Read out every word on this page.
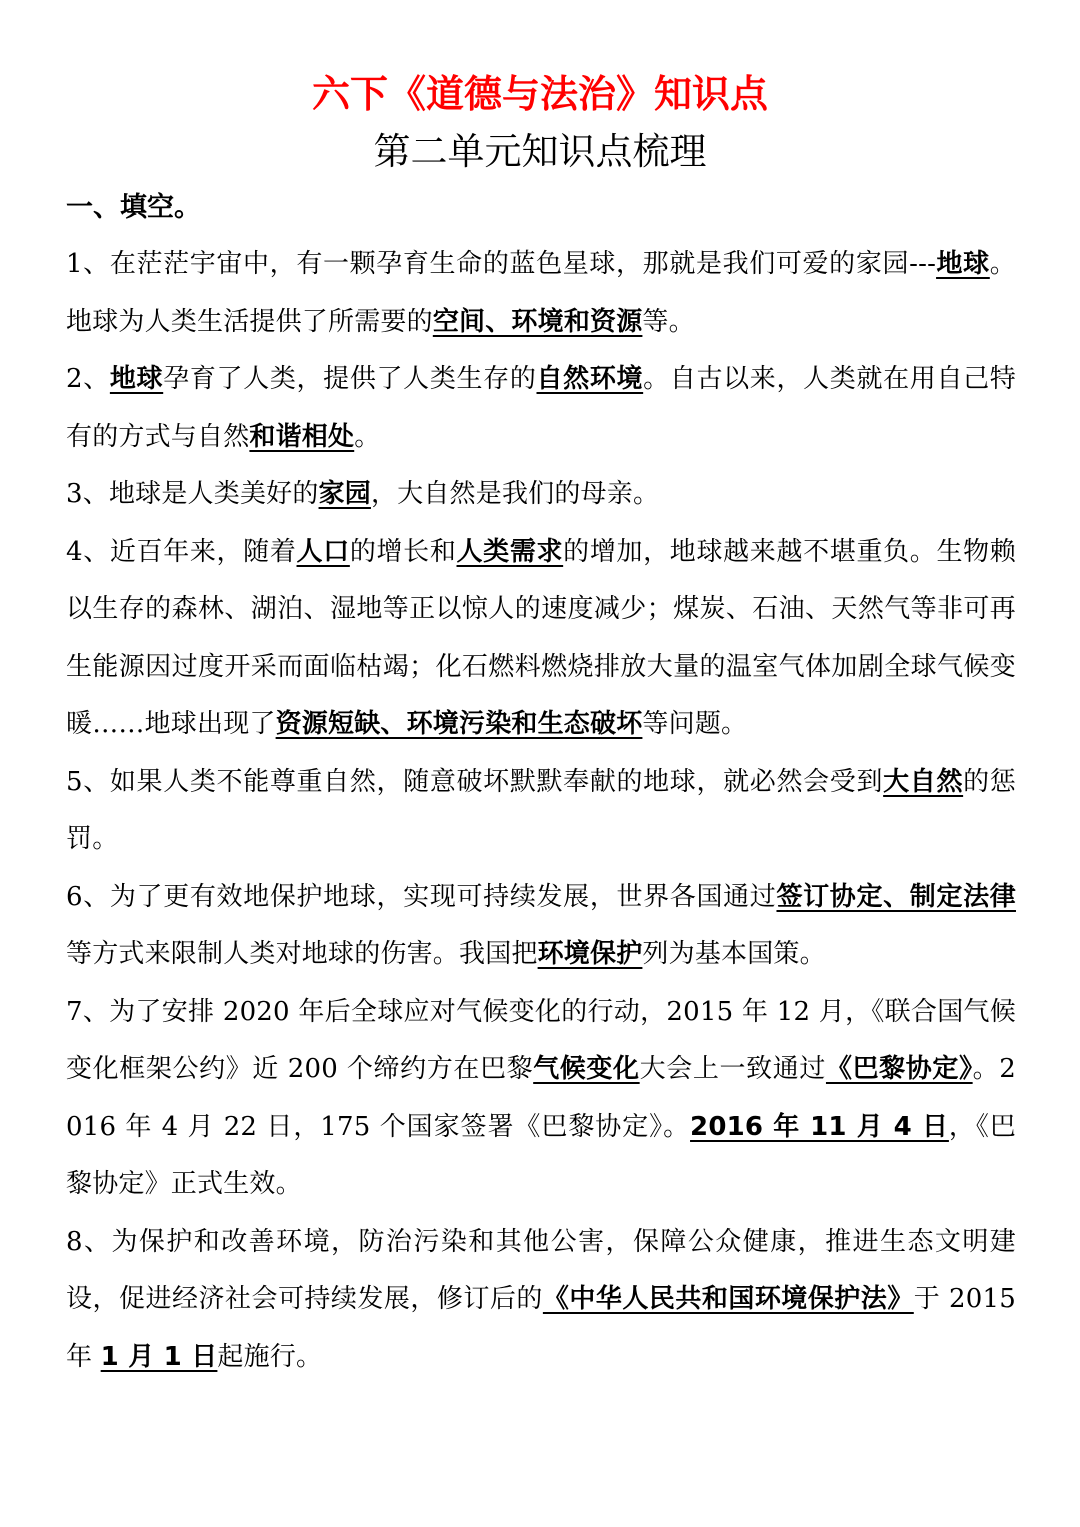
六下《道德与法治》知识点
第二单元知识点梳理
一、填空。
1、在茫茫宇宙中，有一颗孕育生命的蓝色星球，那就是我们可爱的家园---地球。地球为人类生活提供了所需要的空间、环境和资源等。
2、地球孕育了人类，提供了人类生存的自然环境。自古以来，人类就在用自己特有的方式与自然和谐相处。
3、地球是人类美好的家园，大自然是我们的母亲。
4、近百年来，随着人口的增长和人类需求的增加，地球越来越不堪重负。生物赖以生存的森林、湖泊、湿地等正以惊人的速度减少；煤炭、石油、天然气等非可再生能源因过度开采而面临枯竭；化石燃料燃烧排放大量的温室气体加剧全球气候变暖……地球出现了资源短缺、环境污染和生态破坏等问题。
5、如果人类不能尊重自然，随意破坏默默奉献的地球，就必然会受到大自然的惩罚。
6、为了更有效地保护地球，实现可持续发展，世界各国通过签订协定、制定法律等方式来限制人类对地球的伤害。我国把环境保护列为基本国策。
7、为了安排 2020 年后全球应对气候变化的行动，2015 年 12 月，《联合国气候变化框架公约》近 200 个缔约方在巴黎气候变化大会上一致通过《巴黎协定》。2016 年 4 月 22 日，175 个国家签署《巴黎协定》。2016 年 11 月 4 日，《巴黎协定》正式生效。
8、为保护和改善环境，防治污染和其他公害，保障公众健康，推进生态文明建设，促进经济社会可持续发展，修订后的《中华人民共和国环境保护法》于 2015 年 1 月 1 日起施行。
